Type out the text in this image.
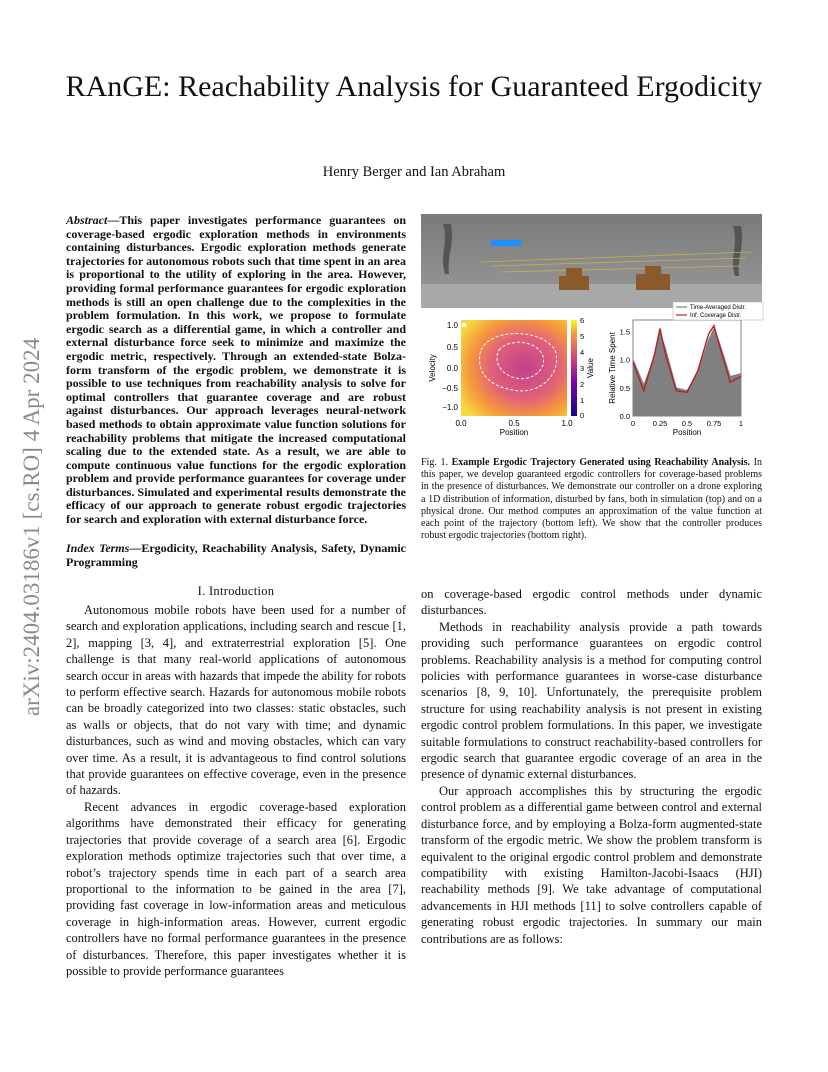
RAnGE: Reachability Analysis for Guaranteed Ergodicity
Henry Berger and Ian Abraham
arXiv:2404.03186v1 [cs.RO] 4 Apr 2024
Abstract—This paper investigates performance guarantees on coverage-based ergodic exploration methods in environments containing disturbances. Ergodic exploration methods generate trajectories for autonomous robots such that time spent in an area is proportional to the utility of exploring in the area. However, providing formal performance guarantees for ergodic exploration methods is still an open challenge due to the complexities in the problem formulation. In this work, we propose to formulate ergodic search as a differential game, in which a controller and external disturbance force seek to minimize and maximize the ergodic metric, respectively. Through an extended-state Bolza-form transform of the ergodic problem, we demonstrate it is possible to use techniques from reachability analysis to solve for optimal controllers that guarantee coverage and are robust against disturbances. Our approach leverages neural-network based methods to obtain approximate value function solutions for reachability problems that mitigate the increased computational scaling due to the extended state. As a result, we are able to compute continuous value functions for the ergodic exploration problem and provide performance guarantees for coverage under disturbances. Simulated and experimental results demonstrate the efficacy of our approach to generate robust ergodic trajectories for search and exploration with external disturbance force.
Index Terms—Ergodicity, Reachability Analysis, Safety, Dynamic Programming
I. Introduction

Autonomous mobile robots have been used for a number of search and exploration applications, including search and rescue [1, 2], mapping [3, 4], and extraterrestrial exploration [5]. One challenge is that many real-world applications of autonomous search occur in areas with hazards that impede the ability for robots to perform effective search. Hazards for autonomous mobile robots can be broadly categorized into two classes: static obstacles, such as walls or objects, that do not vary with time; and dynamic disturbances, such as wind and moving obstacles, which can vary over time. As a result, it is advantageous to find control solutions that provide guarantees on effective coverage, even in the presence of hazards.

Recent advances in ergodic coverage-based exploration algorithms have demonstrated their efficacy for generating trajectories that provide coverage of a search area [6]. Ergodic exploration methods optimize trajectories such that over time, a robot’s trajectory spends time in each part of a search area proportional to the information to be gained in the area [7], providing fast coverage in low-information areas and meticulous coverage in high-information areas. However, current ergodic controllers have no formal performance guarantees in the presence of disturbances. Therefore, this paper investigates whether it is possible to provide performance guarantees

on coverage-based ergodic control methods under dynamic disturbances.

Methods in reachability analysis provide a path towards providing such performance guarantees on ergodic control problems. Reachability analysis is a method for computing control policies with performance guarantees in worse-case disturbance scenarios [8, 9, 10]. Unfortunately, the prerequisite problem structure for using reachability analysis is not present in existing ergodic control problem formulations. In this paper, we investigate suitable formulations to construct reachability-based controllers for ergodic search that guarantee ergodic coverage of an area in the presence of dynamic external disturbances.

Our approach accomplishes this by structuring the ergodic control problem as a differential game between control and external disturbance force, and by employing a Bolza-form augmented-state transform of the ergodic metric. We show the problem transform is equivalent to the original ergodic control problem and demonstrate compatibility with existing Hamilton-Jacobi-Isaacs (HJI) reachability methods [9]. We take advantage of computational advancements in HJI methods [11] to solve controllers capable of generating robust ergodic trajectories. In summary our main contributions are as follows:

1.0
0.5
0.0
−0.5
−1.0
0.0	0.5	1.0
Position
Velocity
6
5
4
3
2
1
0
Value
0 0.25 0.5 0.75 1
1.5
1.0
0.5
0.0
Time-Averaged Distr.
Inf. Coverage Distr.
Relative Time Spent
Position
Fig. 1. Example Ergodic Trajectory Generated using Reachability Analysis. In this paper, we develop guaranteed ergodic controllers for coverage-based problems in the presence of disturbances. We demonstrate our controller on a drone exploring a 1D distribution of information, disturbed by fans, both in simulation (top) and on a physical drone. Our method computes an approximation of the value function at each point of the trajectory (bottom left). We show that the controller produces robust ergodic trajectories (bottom right).
